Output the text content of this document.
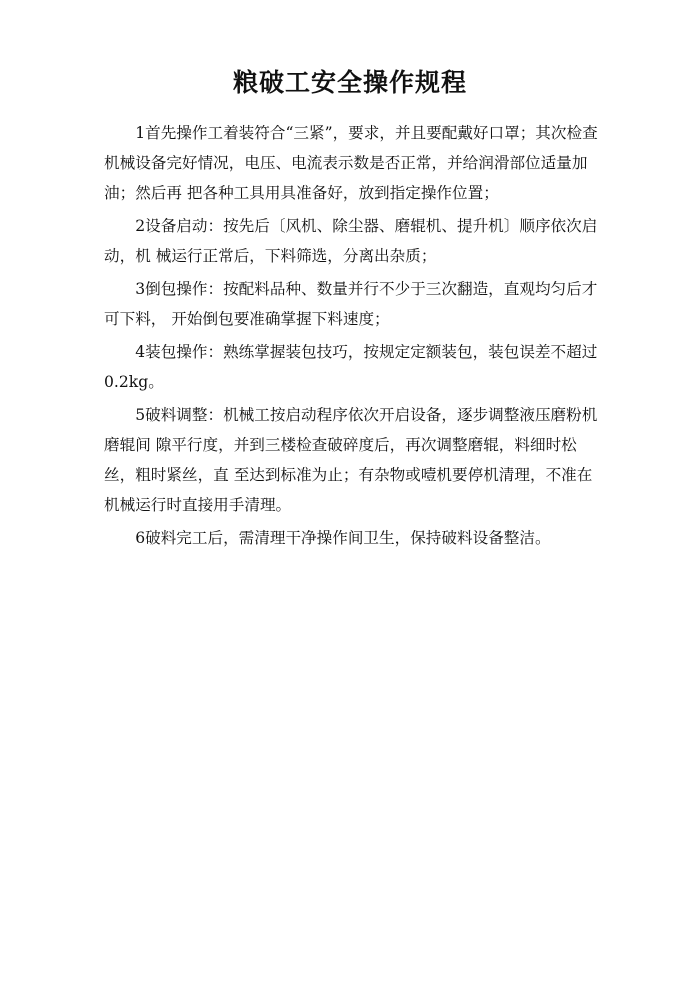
粮破工安全操作规程

1首先操作工着装符合“三紧”，要求，并且要配戴好口罩；其次检查机械设备完好情况，电压、电流表示数是否正常，并给润滑部位适量加油；然后再 把各种工具用具准备好，放到指定操作位置；

2设备启动：按先后〔风机、除尘器、磨辊机、提升机〕顺序依次启动，机 械运行正常后，下料筛选，分离出杂质；

3倒包操作：按配料品种、数量并行不少于三次翻造，直观均匀后才可下料， 开始倒包要准确掌握下料速度；

4装包操作：熟练掌握装包技巧，按规定定额装包，装包误差不超过0.2kg。

5破料调整：机械工按启动程序依次开启设备，逐步调整液压磨粉机磨辊间 隙平行度，并到三楼检查破碎度后，再次调整磨辊，料细时松丝，粗时紧丝，直 至达到标准为止；有杂物或噎机要停机清理，不准在机械运行时直接用手清理。

6破料完工后，需清理干净操作间卫生，保持破料设备整洁。
